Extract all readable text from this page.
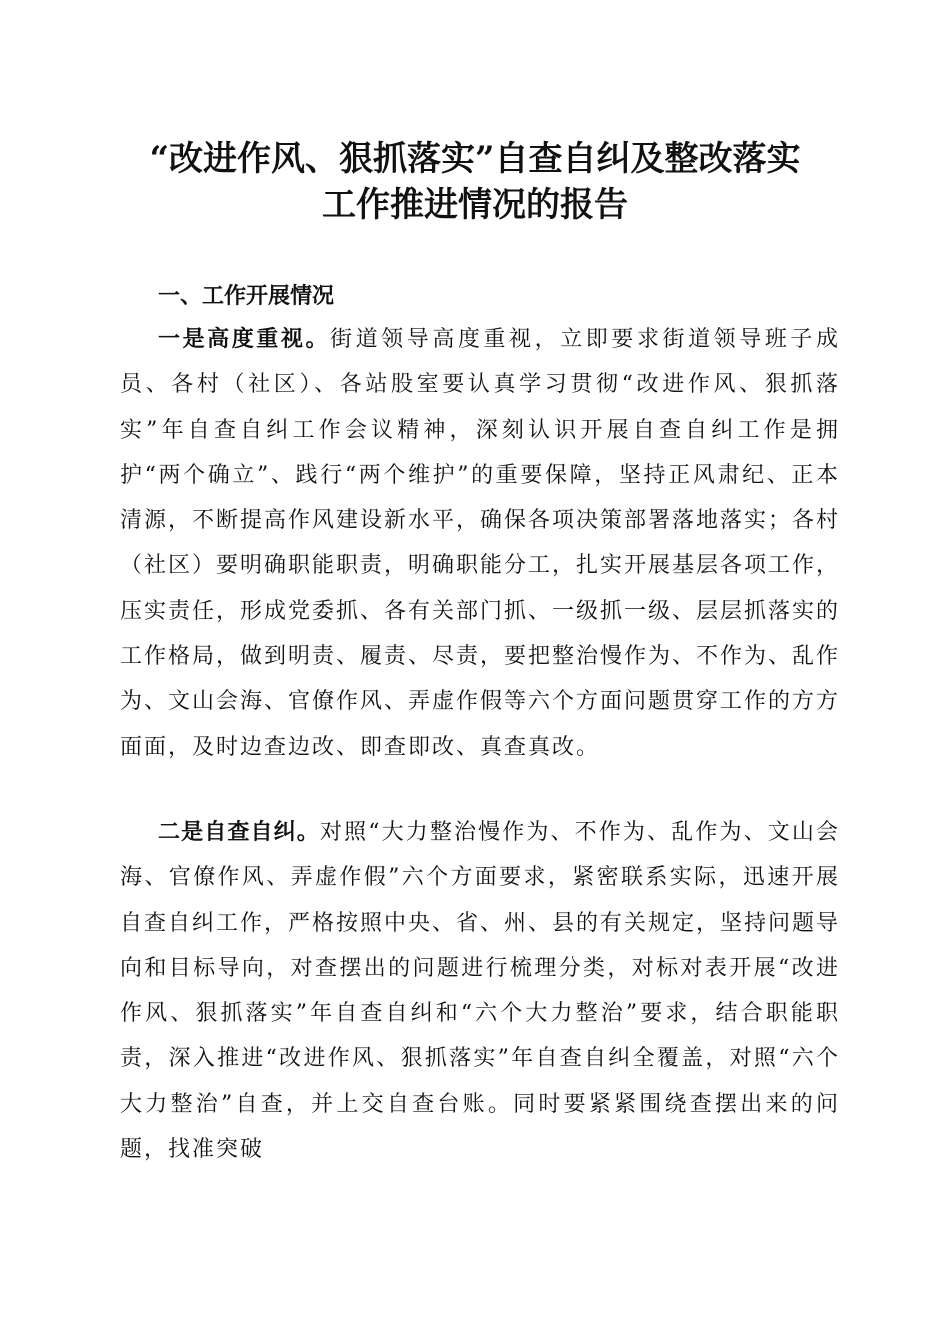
“改进作风、狠抓落实”自查自纠及整改落实
工作推进情况的报告
一、工作开展情况
一是高度重视。街道领导高度重视，立即要求街道领导班子成员、各村（社区）、各站股室要认真学习贯彻“改进作风、狠抓落实”年自查自纠工作会议精神，深刻认识开展自查自纠工作是拥护“两个确立”、践行“两个维护”的重要保障，坚持正风肃纪、正本清源，不断提高作风建设新水平，确保各项决策部署落地落实；各村（社区）要明确职能职责，明确职能分工，扎实开展基层各项工作，压实责任，形成党委抓、各有关部门抓、一级抓一级、层层抓落实的工作格局，做到明责、履责、尽责，要把整治慢作为、不作为、乱作为、文山会海、官僚作风、弄虚作假等六个方面问题贯穿工作的方方面面，及时边查边改、即查即改、真查真改。
二是自查自纠。对照“大力整治慢作为、不作为、乱作为、文山会海、官僚作风、弄虚作假”六个方面要求，紧密联系实际，迅速开展自查自纠工作，严格按照中央、省、州、县的有关规定，坚持问题导向和目标导向，对查摆出的问题进行梳理分类，对标对表开展“改进作风、狠抓落实”年自查自纠和“六个大力整治”要求，结合职能职责，深入推进“改进作风、狠抓落实”年自查自纠全覆盖，对照“六个大力整治”自查，并上交自查台账。同时要紧紧围绕查摆出来的问题，找准突破
